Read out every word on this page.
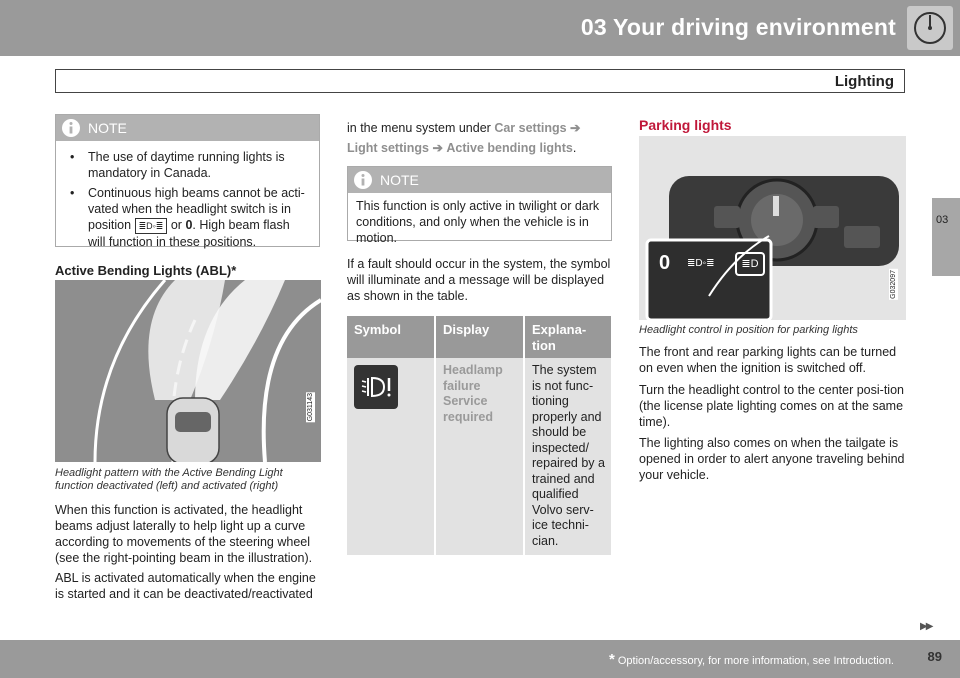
03 Your driving environment
Lighting
03
NOTE
• The use of daytime running lights is mandatory in Canada.
• Continuous high beams cannot be acti-vated when the headlight switch is in position ≣D◦≣ or 0. High beam flash will function in these positions.
Active Bending Lights (ABL)*
G031143
Headlight pattern with the Active Bending Light function deactivated (left) and activated (right)

When this function is activated, the headlight beams adjust laterally to help light up a curve according to movements of the steering wheel (see the right-pointing beam in the illustration).

ABL is activated automatically when the engine is started and it can be deactivated/reactivated

in the menu system under Car settings ➔ Light settings ➔ Active bending lights.

NOTE
This function is only active in twilight or dark conditions, and only when the vehicle is in motion.

If a fault should occur in the system, the symbol will illuminate and a message will be displayed as shown in the table.

Symbol	Display	Explana-tion

	Headlamp failure Service required	The system is not func-tioning properly and should be inspected/ repaired by a trained and qualified Volvo serv-ice techni-cian.
Parking lights
0 ≣D◦≣	≣D
G032097
Headlight control in position for parking lights

The front and rear parking lights can be turned on even when the ignition is switched off.

Turn the headlight control to the center posi-tion (the license plate lighting comes on at the same time).

The lighting also comes on when the tailgate is opened in order to alert anyone traveling behind your vehicle.

▶▶
* Option/accessory, for more information, see Introduction.	89
